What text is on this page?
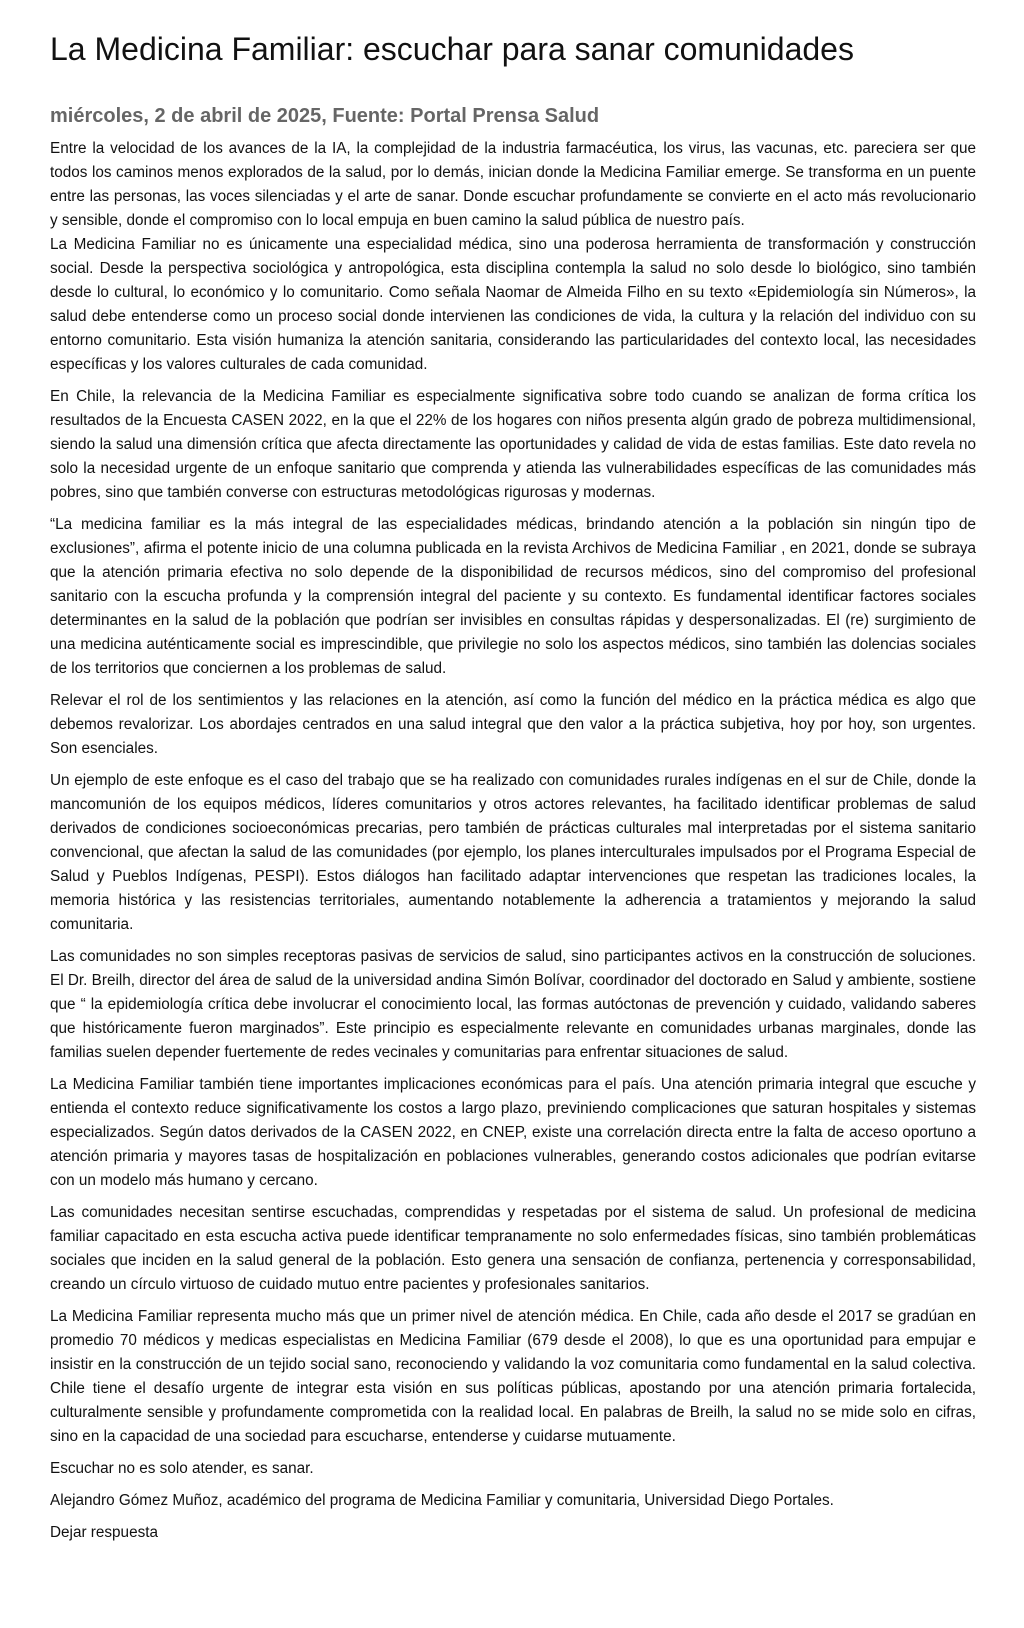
La Medicina Familiar: escuchar para sanar comunidades
miércoles, 2 de abril de 2025, Fuente: Portal Prensa Salud

Entre la velocidad de los avances de la IA, la complejidad de la industria farmacéutica, los virus, las vacunas, etc. pareciera ser que todos los caminos menos explorados de la salud, por lo demás, inician donde la Medicina Familiar emerge. Se transforma en un puente entre las personas, las voces silenciadas y el arte de sanar. Donde escuchar profundamente se convierte en el acto más revolucionario y sensible, donde el compromiso con lo local empuja en buen camino la salud pública de nuestro país.

La Medicina Familiar no es únicamente una especialidad médica, sino una poderosa herramienta de transformación y construcción social. Desde la perspectiva sociológica y antropológica, esta disciplina contempla la salud no solo desde lo biológico, sino también desde lo cultural, lo económico y lo comunitario. Como señala Naomar de Almeida Filho en su texto «Epidemiología sin Números», la salud debe entenderse como un proceso social donde intervienen las condiciones de vida, la cultura y la relación del individuo con su entorno comunitario. Esta visión humaniza la atención sanitaria, considerando las particularidades del contexto local, las necesidades específicas y los valores culturales de cada comunidad.

En Chile, la relevancia de la Medicina Familiar es especialmente significativa sobre todo cuando se analizan de forma crítica los resultados de la Encuesta CASEN 2022, en la que el 22% de los hogares con niños presenta algún grado de pobreza multidimensional, siendo la salud una dimensión crítica que afecta directamente las oportunidades y calidad de vida de estas familias. Este dato revela no solo la necesidad urgente de un enfoque sanitario que comprenda y atienda las vulnerabilidades específicas de las comunidades más pobres, sino que también converse con estructuras metodológicas rigurosas y modernas.

“La medicina familiar es la más integral de las especialidades médicas, brindando atención a la población sin ningún tipo de exclusiones”, afirma el potente inicio de una columna publicada en la revista Archivos de Medicina Familiar , en 2021, donde se subraya que la atención primaria efectiva no solo depende de la disponibilidad de recursos médicos, sino del compromiso del profesional sanitario con la escucha profunda y la comprensión integral del paciente y su contexto. Es fundamental identificar factores sociales determinantes en la salud de la población que podrían ser invisibles en consultas rápidas y despersonalizadas. El (re) surgimiento de una medicina auténticamente social es imprescindible, que privilegie no solo los aspectos médicos, sino también las dolencias sociales de los territorios que conciernen a los problemas de salud.

Relevar el rol de los sentimientos y las relaciones en la atención, así como la función del médico en la práctica médica es algo que debemos revalorizar. Los abordajes centrados en una salud integral que den valor a la práctica subjetiva, hoy por hoy, son urgentes. Son esenciales.

Un ejemplo de este enfoque es el caso del trabajo que se ha realizado con comunidades rurales indígenas en el sur de Chile, donde la mancomunión de los equipos médicos, líderes comunitarios y otros actores relevantes, ha facilitado identificar problemas de salud derivados de condiciones socioeconómicas precarias, pero también de prácticas culturales mal interpretadas por el sistema sanitario convencional, que afectan la salud de las comunidades (por ejemplo, los planes interculturales impulsados por el Programa Especial de Salud y Pueblos Indígenas, PESPI). Estos diálogos han facilitado adaptar intervenciones que respetan las tradiciones locales, la memoria histórica y las resistencias territoriales, aumentando notablemente la adherencia a tratamientos y mejorando la salud comunitaria.

Las comunidades no son simples receptoras pasivas de servicios de salud, sino participantes activos en la construcción de soluciones. El Dr. Breilh, director del área de salud de la universidad andina Simón Bolívar, coordinador del doctorado en Salud y ambiente, sostiene que “ la epidemiología crítica debe involucrar el conocimiento local, las formas autóctonas de prevención y cuidado, validando saberes que históricamente fueron marginados”. Este principio es especialmente relevante en comunidades urbanas marginales, donde las familias suelen depender fuertemente de redes vecinales y comunitarias para enfrentar situaciones de salud.

La Medicina Familiar también tiene importantes implicaciones económicas para el país. Una atención primaria integral que escuche y entienda el contexto reduce significativamente los costos a largo plazo, previniendo complicaciones que saturan hospitales y sistemas especializados. Según datos derivados de la CASEN 2022, en CNEP, existe una correlación directa entre la falta de acceso oportuno a atención primaria y mayores tasas de hospitalización en poblaciones vulnerables, generando costos adicionales que podrían evitarse con un modelo más humano y cercano.

Las comunidades necesitan sentirse escuchadas, comprendidas y respetadas por el sistema de salud. Un profesional de medicina familiar capacitado en esta escucha activa puede identificar tempranamente no solo enfermedades físicas, sino también problemáticas sociales que inciden en la salud general de la población. Esto genera una sensación de confianza, pertenencia y corresponsabilidad, creando un círculo virtuoso de cuidado mutuo entre pacientes y profesionales sanitarios.

La Medicina Familiar representa mucho más que un primer nivel de atención médica. En Chile, cada año desde el 2017 se gradúan en promedio 70 médicos y medicas especialistas en Medicina Familiar (679 desde el 2008), lo que es una oportunidad para empujar e insistir en la construcción de un tejido social sano, reconociendo y validando la voz comunitaria como fundamental en la salud colectiva. Chile tiene el desafío urgente de integrar esta visión en sus políticas públicas, apostando por una atención primaria fortalecida, culturalmente sensible y profundamente comprometida con la realidad local. En palabras de Breilh, la salud no se mide solo en cifras, sino en la capacidad de una sociedad para escucharse, entenderse y cuidarse mutuamente.

Escuchar no es solo atender, es sanar.

Alejandro Gómez Muñoz, académico del programa de Medicina Familiar y comunitaria, Universidad Diego Portales.

Dejar respuesta
